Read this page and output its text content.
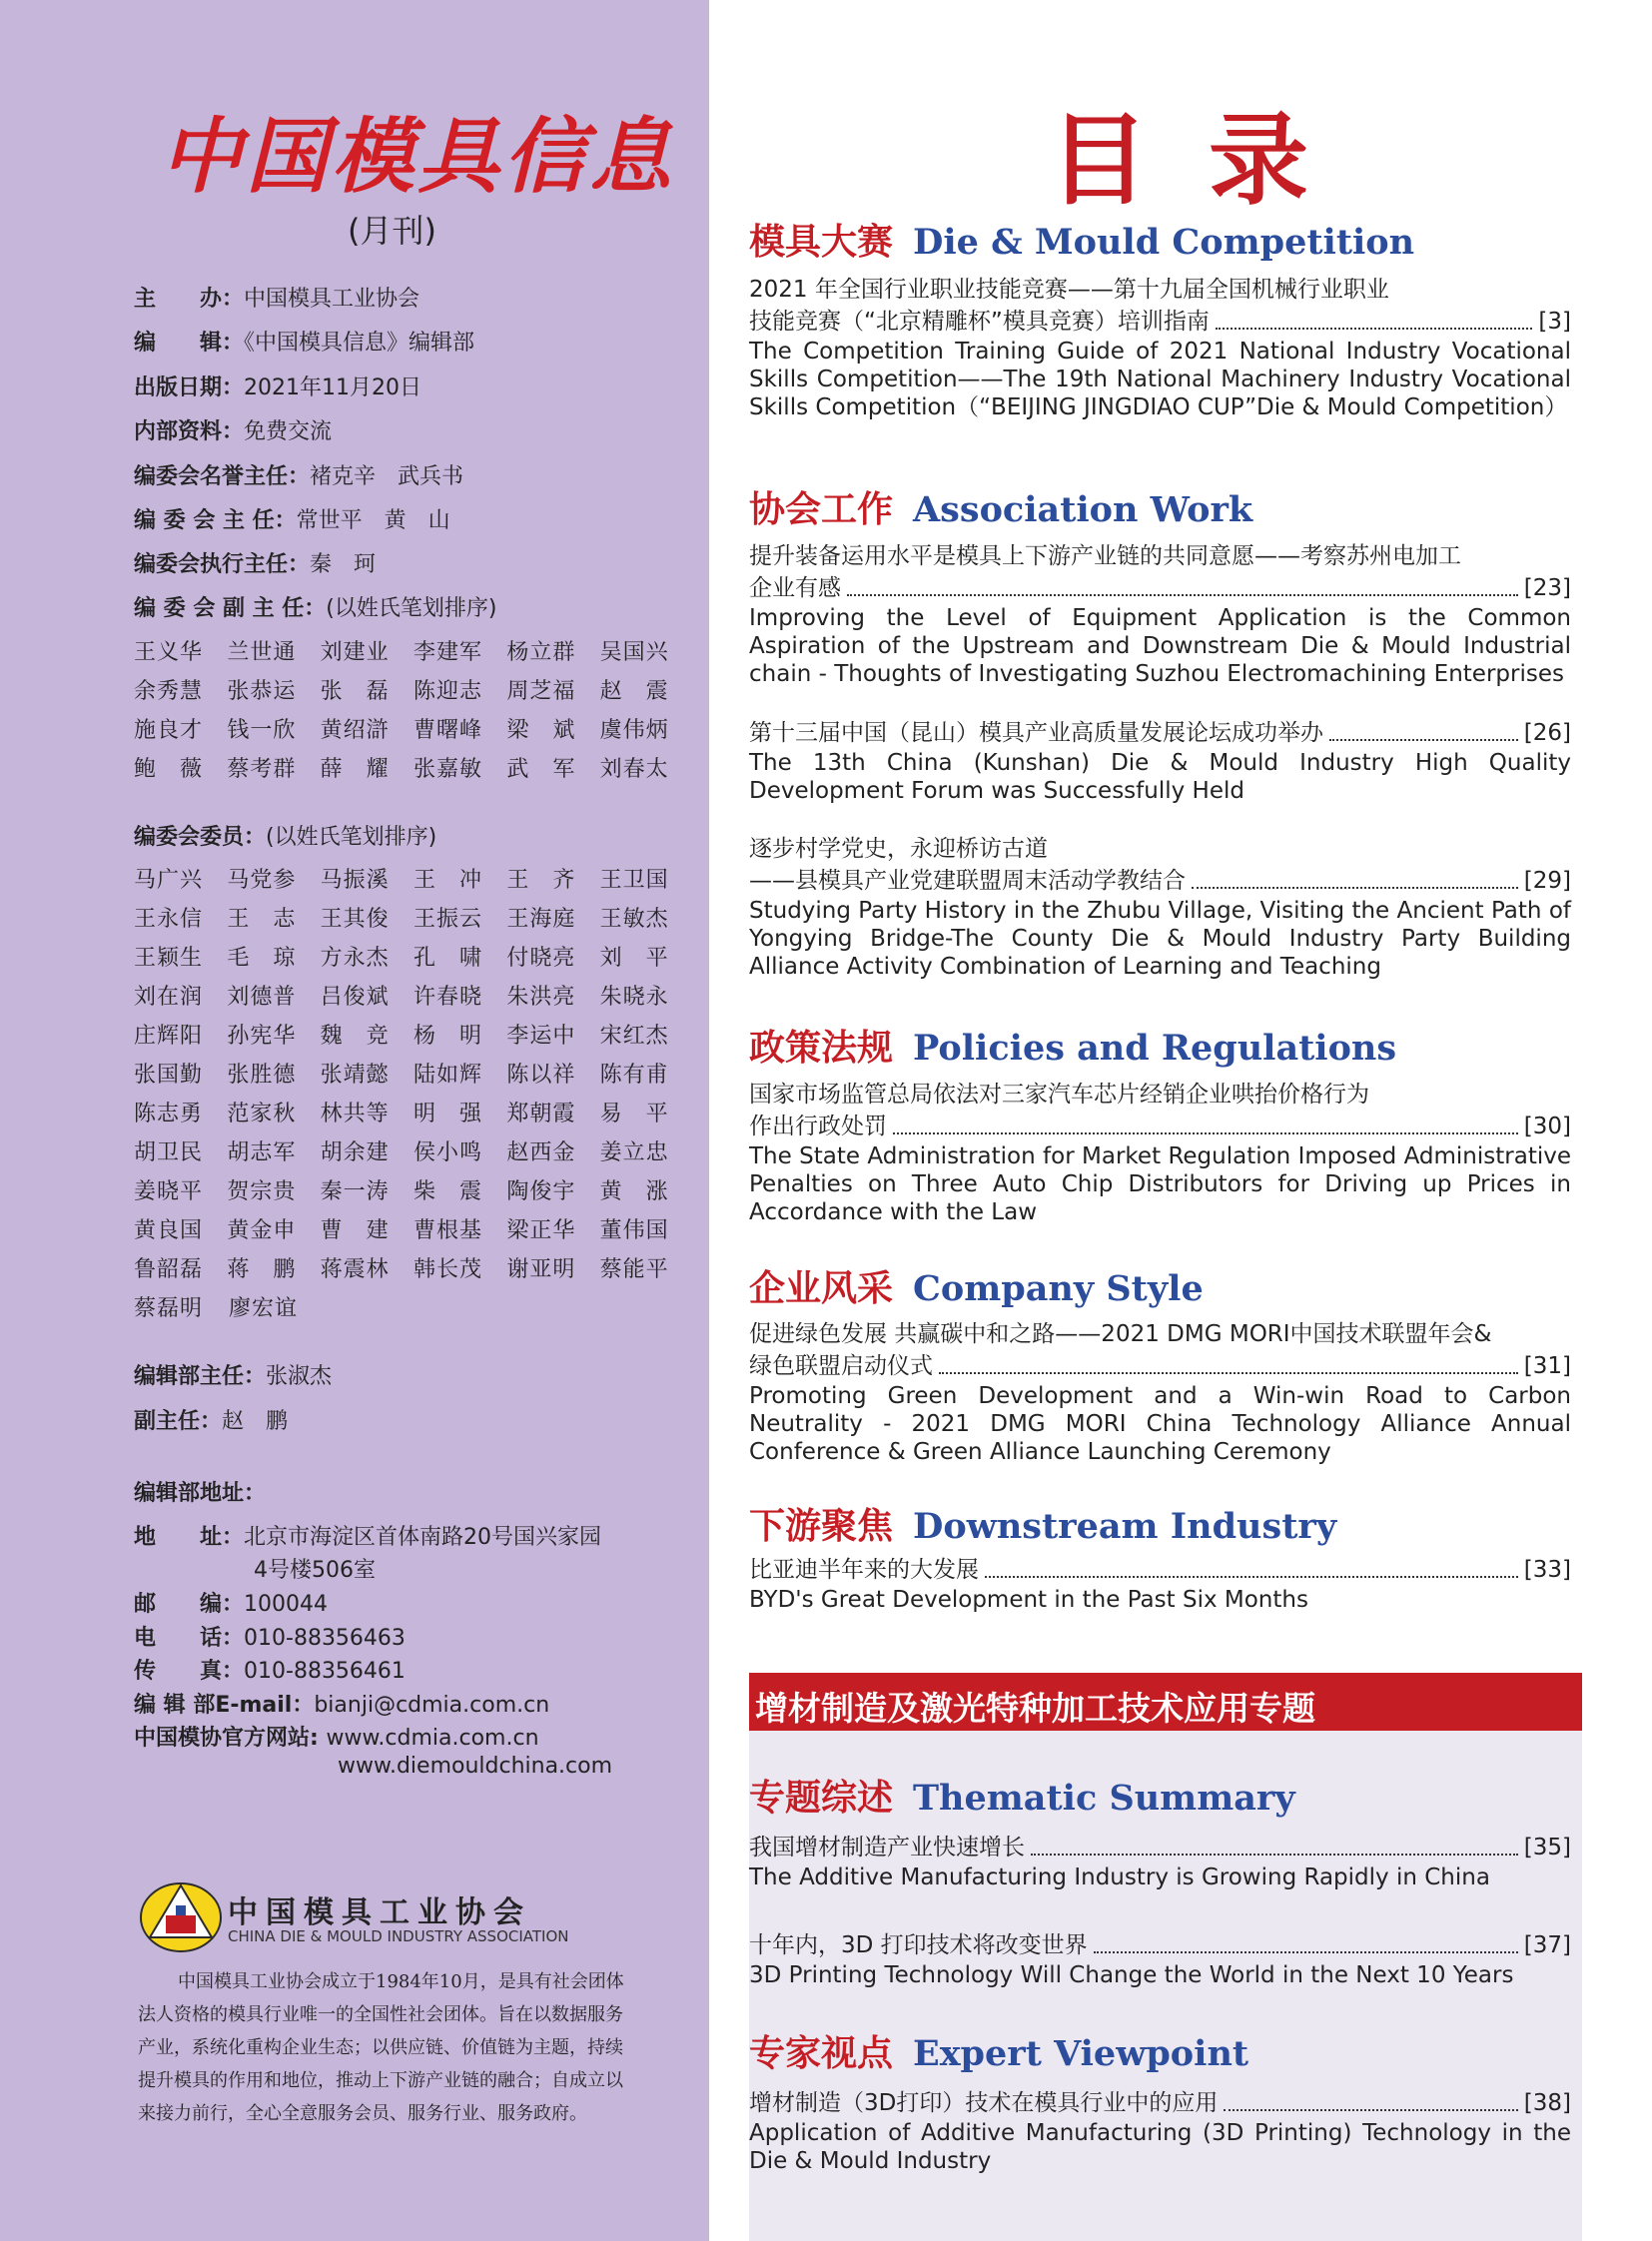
中国模具信息
(月刊)
主　　办：中国模具工业协会
编　　辑：《中国模具信息》编辑部
出版日期：2021年11月20日
内部资料：免费交流
编委会名誉主任：褚克辛　武兵书
编 委 会 主 任：常世平　黄　山
编委会执行主任：秦　珂
编 委 会 副 主 任：(以姓氏笔划排序)
王义华	兰世通	刘建业	李建军	杨立群	吴国兴
余秀慧	张恭运	张　磊	陈迎志	周芝福	赵　震
施良才	钱一欣	黄绍滸	曹曙峰	梁　斌	虞伟炳
鲍　薇	蔡考群	薛　耀	张嘉敏	武　军	刘春太
编委会委员：(以姓氏笔划排序)
马广兴	马党参	马振溪	王　冲	王　齐	王卫国
王永信	王　志	王其俊	王振云	王海庭	王敏杰
王颖生	毛　琼	方永杰	孔　啸	付晓亮	刘　平
刘在润	刘德普	吕俊斌	许春晓	朱洪亮	朱晓永
庄辉阳	孙宪华	魏　竞	杨　明	李运中	宋红杰
张国勤	张胜德	张靖懿	陆如辉	陈以祥	陈有甫
陈志勇	范家秋	林共等	明　强	郑朝霞	易　平
胡卫民	胡志军	胡余建	侯小鸣	赵西金	姜立忠
姜晓平	贺宗贵	秦一涛	柴　震	陶俊宇	黄　涨
黄良国	黄金申	曹　建	曹根基	梁正华	董伟国
鲁韶磊	蒋　鹏	蒋震林	韩长茂	谢亚明	蔡能平
蔡磊明	廖宏谊
编辑部主任：张淑杰
副主任：赵　鹏
编辑部地址：
地　　址：北京市海淀区首体南路20号国兴家园
4号楼506室
邮　　编：100044
电　　话：010-88356463
传　　真：010-88356461
编 辑 部E-mail：bianji@cdmia.com.cn
中国模协官方网站: www.cdmia.com.cn
www.diemouldchina.com
中国模具工业协会
CHINA DIE & MOULD INDUSTRY ASSOCIATION
中国模具工业协会成立于1984年10月，是具有社会团体法人资格的模具行业唯一的全国性社会团体。旨在以数据服务产业，系统化重构企业生态；以供应链、价值链为主题，持续提升模具的作用和地位，推动上下游产业链的融合；自成立以来接力前行，全心全意服务会员、服务行业、服务政府。
目录
模具大赛 Die & Mould Competition
2021 年全国行业职业技能竞赛——第十九届全国机械行业职业
技能竞赛（“北京精雕杯”模具竞赛）培训指南	[3]
The Competition Training Guide of 2021 National Industry Vocational Skills Competition——The 19th National Machinery Industry Vocational Skills Competition（“BEIJING JINGDIAO CUP”Die & Mould Competition）
协会工作 Association Work
提升装备运用水平是模具上下游产业链的共同意愿——考察苏州电加工
企业有感	[23]
Improving the Level of Equipment Application is the Common Aspiration of the Upstream and Downstream Die & Mould Industrial chain - Thoughts of Investigating Suzhou Electromachining Enterprises
第十三届中国（昆山）模具产业高质量发展论坛成功举办	[26]
The 13th China (Kunshan) Die & Mould Industry High Quality Development Forum was Successfully Held
逐步村学党史，永迎桥访古道
——县模具产业党建联盟周末活动学教结合	[29]
Studying Party History in the Zhubu Village, Visiting the Ancient Path of Yongying Bridge-The County Die & Mould Industry Party Building Alliance Activity Combination of Learning and Teaching
政策法规 Policies and Regulations
国家市场监管总局依法对三家汽车芯片经销企业哄抬价格行为
作出行政处罚	[30]
The State Administration for Market Regulation Imposed Administrative Penalties on Three Auto Chip Distributors for Driving up Prices in Accordance with the Law
企业风采 Company Style
促进绿色发展 共赢碳中和之路——2021 DMG MORI中国技术联盟年会&
绿色联盟启动仪式	[31]
Promoting Green Development and a Win-win Road to Carbon Neutrality - 2021 DMG MORI China Technology Alliance Annual Conference & Green Alliance Launching Ceremony
下游聚焦 Downstream Industry
比亚迪半年来的大发展	[33]
BYD's Great Development in the Past Six Months
增材制造及激光特种加工技术应用专题
专题综述 Thematic Summary
我国增材制造产业快速增长	[35]
The Additive Manufacturing Industry is Growing Rapidly in China
十年内，3D 打印技术将改变世界	[37]
3D Printing Technology Will Change the World in the Next 10 Years
专家视点 Expert Viewpoint
增材制造（3D打印）技术在模具行业中的应用	[38]
Application of Additive Manufacturing (3D Printing) Technology in the Die & Mould Industry
